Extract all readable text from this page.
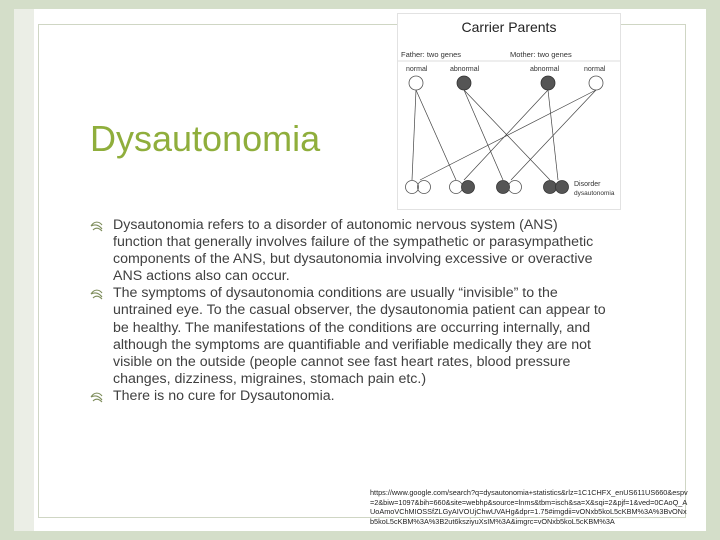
Dysautonomia
Dysautonomia refers to a disorder of autonomic nervous system (ANS) function that generally involves failure of the sympathetic or parasympathetic components of the ANS, but dysautonomia involving excessive or overactive ANS actions also can occur.
The symptoms of dysautonomia conditions are usually “invisible” to the untrained eye. To the casual observer, the dysautonomia patient can appear to be healthy. The manifestations of the conditions are occurring internally, and although the symptoms are quantifiable and verifiable medically they are not visible on the outside (people cannot see fast heart rates, blood pressure changes, dizziness, migraines, stomach pain etc.)
There is no cure for Dysautonomia.
Carrier Parents
Father: two genes	Mother: two genes
normal	abnormal	abnormal	normal
Disorder
dysautonomia
https://www.google.com/search?q=dysautonomia+statistics&rlz=1C1CHFX_enUS611US660&espv=2&biw=1097&bih=660&site=webhp&source=lnms&tbm=isch&sa=X&sqi=2&pjf=1&ved=0CAoQ_AUoAmoVChMIOSSfZLGyAIVOUjChwUVAHg&dpr=1.75#imgdii=vONxb5koL5cKBM%3A%3BvONxb5koL5cKBM%3A%3B2ut6ksziyuXsIM%3A&imgrc=vONxb5koL5cKBM%3A
